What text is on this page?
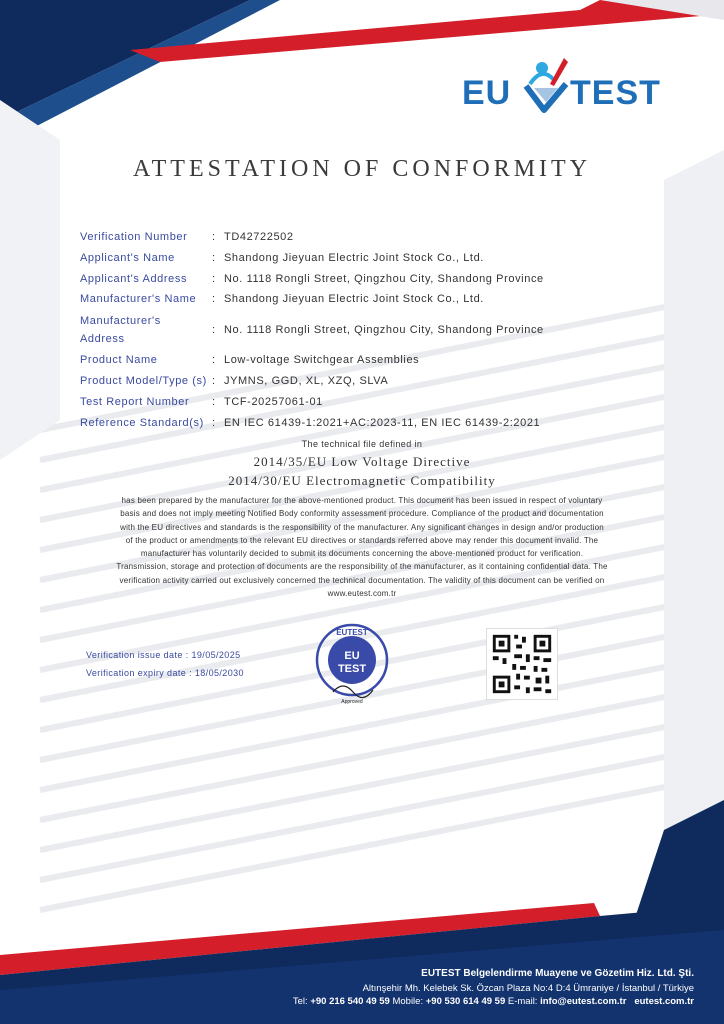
EU TEST
ATTESTATION OF CONFORMITY
Verification Number	: TD42722502
Applicant's Name	: Shandong Jieyuan Electric Joint Stock Co., Ltd.
Applicant's Address	: No. 1118 Rongli Street, Qingzhou City, Shandong Province
Manufacturer's Name	: Shandong Jieyuan Electric Joint Stock Co., Ltd.
Manufacturer's Address
: No. 1118 Rongli Street, Qingzhou City, Shandong Province
Product Name	: Low-voltage Switchgear Assemblies
Product Model/Type (s) : JYMNS, GGD, XL, XZQ, SLVA
Test Report Number	: TCF-20257061-01
Reference Standard(s) : EN IEC 61439-1:2021+AC:2023-11, EN IEC 61439-2:2021
The technical file defined in
2014/35/EU Low Voltage Directive
2014/30/EU Electromagnetic Compatibility
has been prepared by the manufacturer for the above-mentioned product. This document has been issued in respect of voluntary
basis and does not imply meeting Notified Body conformity assessment procedure. Compliance of the product and documentation
with the EU directives and standards is the responsibility of the manufacturer. Any significant changes in design and/or production
of the product or amendments to the relevant EU directives or standards referred above may render this document invalid. The
manufacturer has voluntarily decided to submit its documents concerning the above-mentioned product for verification.
Transmission, storage and protection of documents are the responsibility of the manufacturer, as it containing confidential data. The
verification activity carried out exclusively concerned the technical documentation. The validity of this document can be verified on
www.eutest.com.tr
Verification issue date : 19/05/2025
Verification expiry date : 18/05/2030
EUTEST
EU
TEST
Approved
EUTEST Belgelendirme Muayene ve Gözetim Hiz. Ltd. Şti.
Altınşehir Mh. Kelebek Sk. Özcan Plaza No:4 D:4 Ümraniye / İstanbul / Türkiye
Tel: +90 216 540 49 59 Mobile: +90 530 614 49 59 E-mail: info@eutest.com.tr eutest.com.tr
